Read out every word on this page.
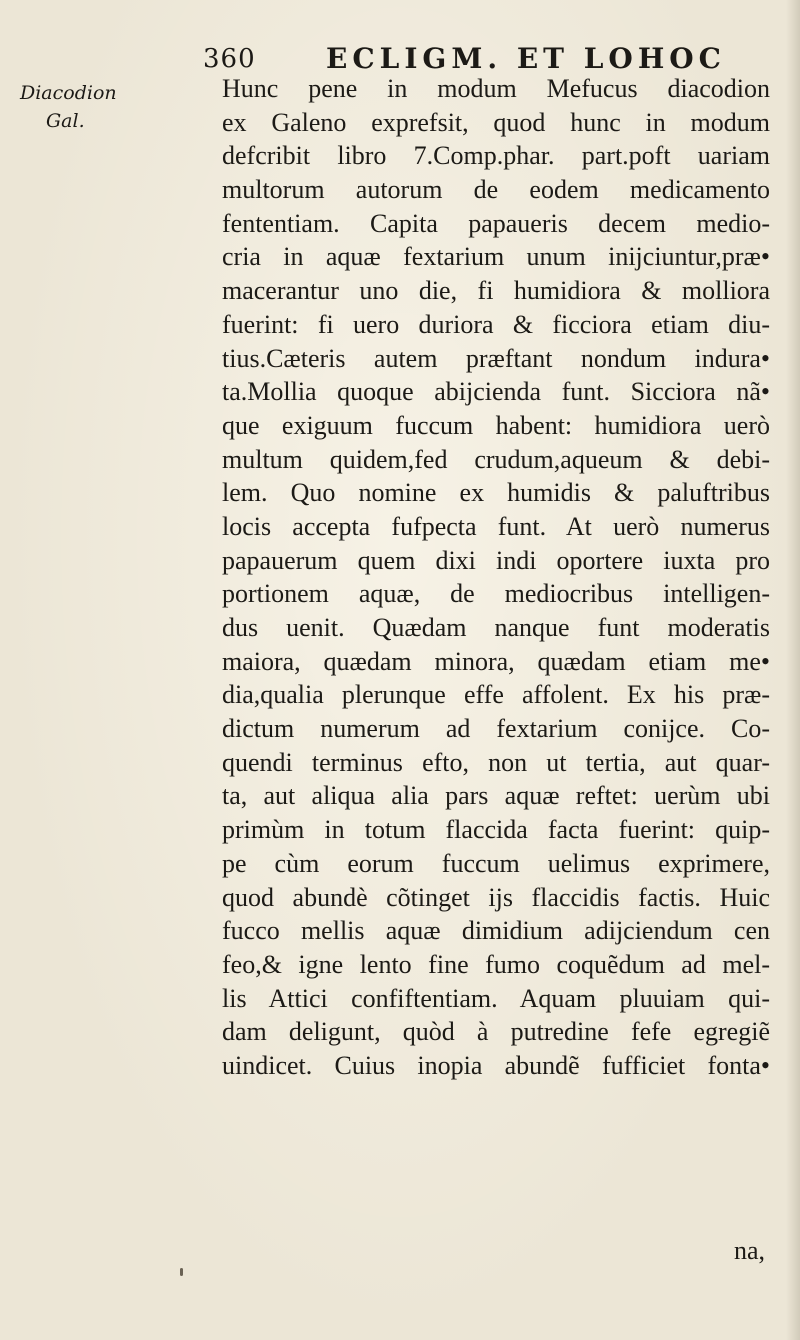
360	ECLIGM. ET LOHOC
Diacodion
Gal.
Hunc pene in modum Mefucus diacodion
ex Galeno exprefsit, quod hunc in modum
defcribit libro 7.Comp.phar. part.poft uariam
multorum autorum de eodem medicamento
fententiam. Capita papaueris decem medio-
cria in aquæ fextarium unum inijciuntur,præ•
macerantur uno die, fi humidiora & molliora
fuerint: fi uero duriora & ficciora etiam diu-
tius.Cæteris autem præftant nondum indura•
ta.Mollia quoque abijcienda funt. Sicciora nã•
que exiguum fuccum habent: humidiora uerò
multum quidem,fed crudum,aqueum & debi-
lem. Quo nomine ex humidis & paluftribus
locis accepta fufpecta funt. At uerò numerus
papauerum quem dixi indi oportere iuxta pro
portionem aquæ, de mediocribus intelligen-
dus uenit. Quædam nanque funt moderatis
maiora, quædam minora, quædam etiam me•
dia,qualia plerunque effe affolent. Ex his præ-
dictum numerum ad fextarium conijce. Co-
quendi terminus efto, non ut tertia, aut quar-
ta, aut aliqua alia pars aquæ reftet: uerùm ubi
primùm in totum flaccida facta fuerint: quip-
pe cùm eorum fuccum uelimus exprimere,
quod abundè cõtinget ijs flaccidis factis. Huic
fucco mellis aquæ dimidium adijciendum cen
feo,& igne lento fine fumo coquẽdum ad mel-
lis Attici confiftentiam. Aquam pluuiam qui-
dam deligunt, quòd à putredine fefe egregiẽ
uindicet. Cuius inopia abundẽ fufficiet fonta•
na,
